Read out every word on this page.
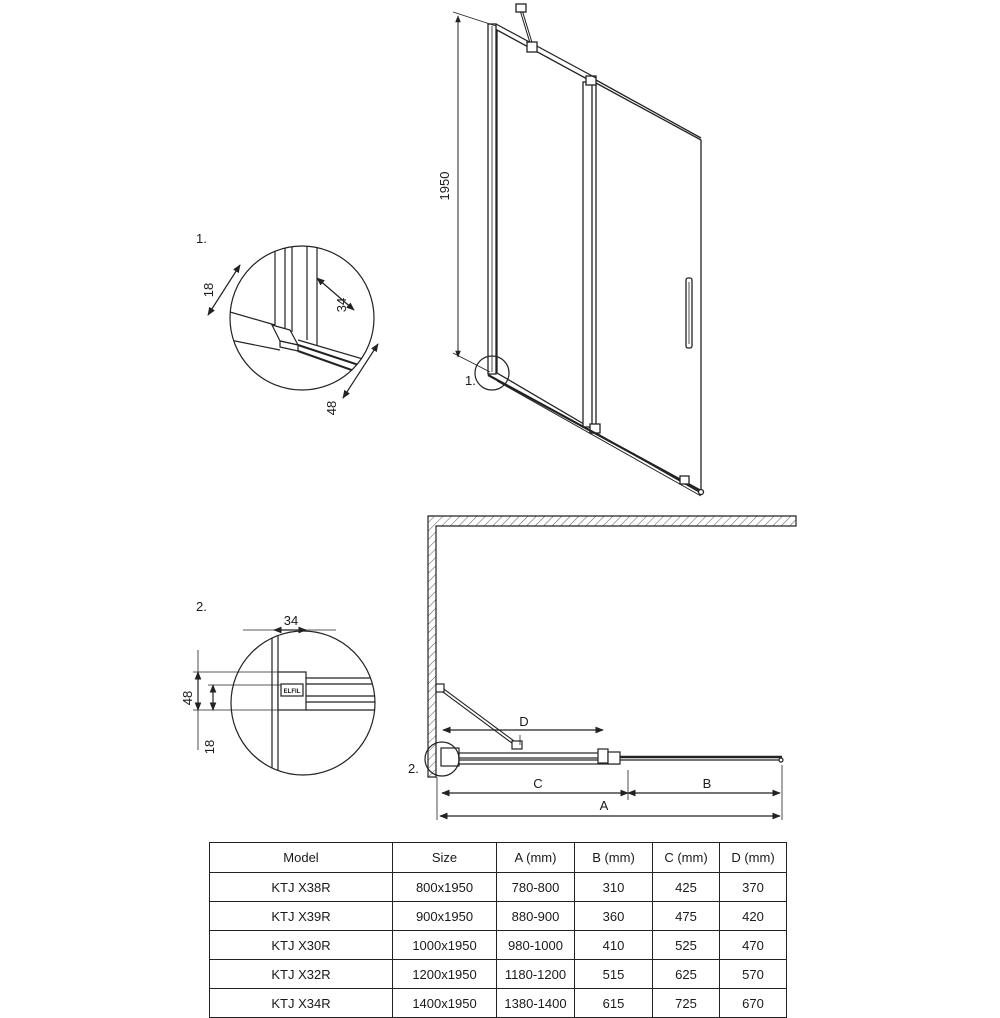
1950
1.
1.
18
34
48
D
C	B
A
2.
2.
ELFIL
34
48
18
Model	Size	A (mm)	B (mm)	C (mm)	D (mm)
KTJ X38R	800x1950	780-800	310	425	370
KTJ X39R	900x1950	880-900	360	475	420
KTJ X30R	1000x1950	980-1000	410	525	470
KTJ X32R	1200x1950	1180-1200	515	625	570
KTJ X34R	1400x1950	1380-1400	615	725	670
